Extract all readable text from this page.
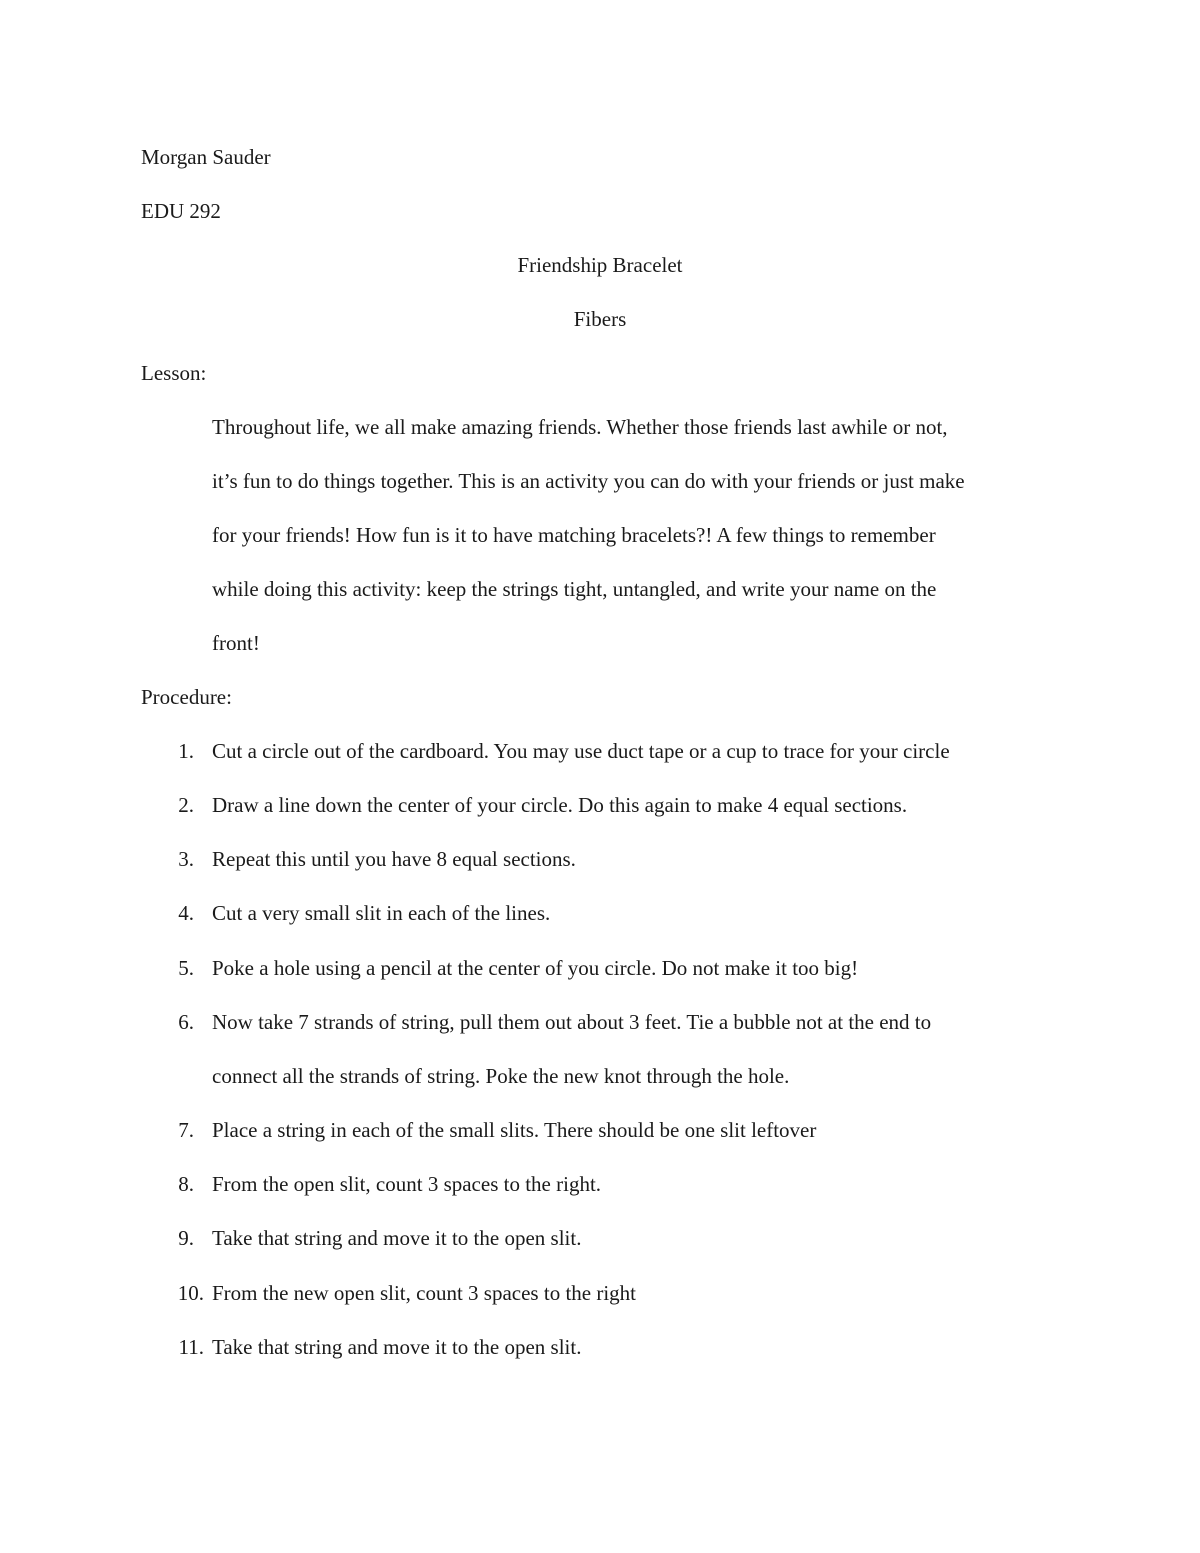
Morgan Sauder
EDU 292
Friendship Bracelet
Fibers
Lesson:
Throughout life, we all make amazing friends. Whether those friends last awhile or not,
it’s fun to do things together. This is an activity you can do with your friends or just make
for your friends! How fun is it to have matching bracelets?! A few things to remember
while doing this activity: keep the strings tight, untangled, and write your name on the
front!
Procedure:
1. Cut a circle out of the cardboard. You may use duct tape or a cup to trace for your circle
2. Draw a line down the center of your circle. Do this again to make 4 equal sections.
3. Repeat this until you have 8 equal sections.
4. Cut a very small slit in each of the lines.
5. Poke a hole using a pencil at the center of you circle. Do not make it too big!
6. Now take 7 strands of string, pull them out about 3 feet. Tie a bubble not at the end to
connect all the strands of string. Poke the new knot through the hole.
7. Place a string in each of the small slits. There should be one slit leftover
8. From the open slit, count 3 spaces to the right.
9. Take that string and move it to the open slit.
10. From the new open slit, count 3 spaces to the right
11. Take that string and move it to the open slit.
